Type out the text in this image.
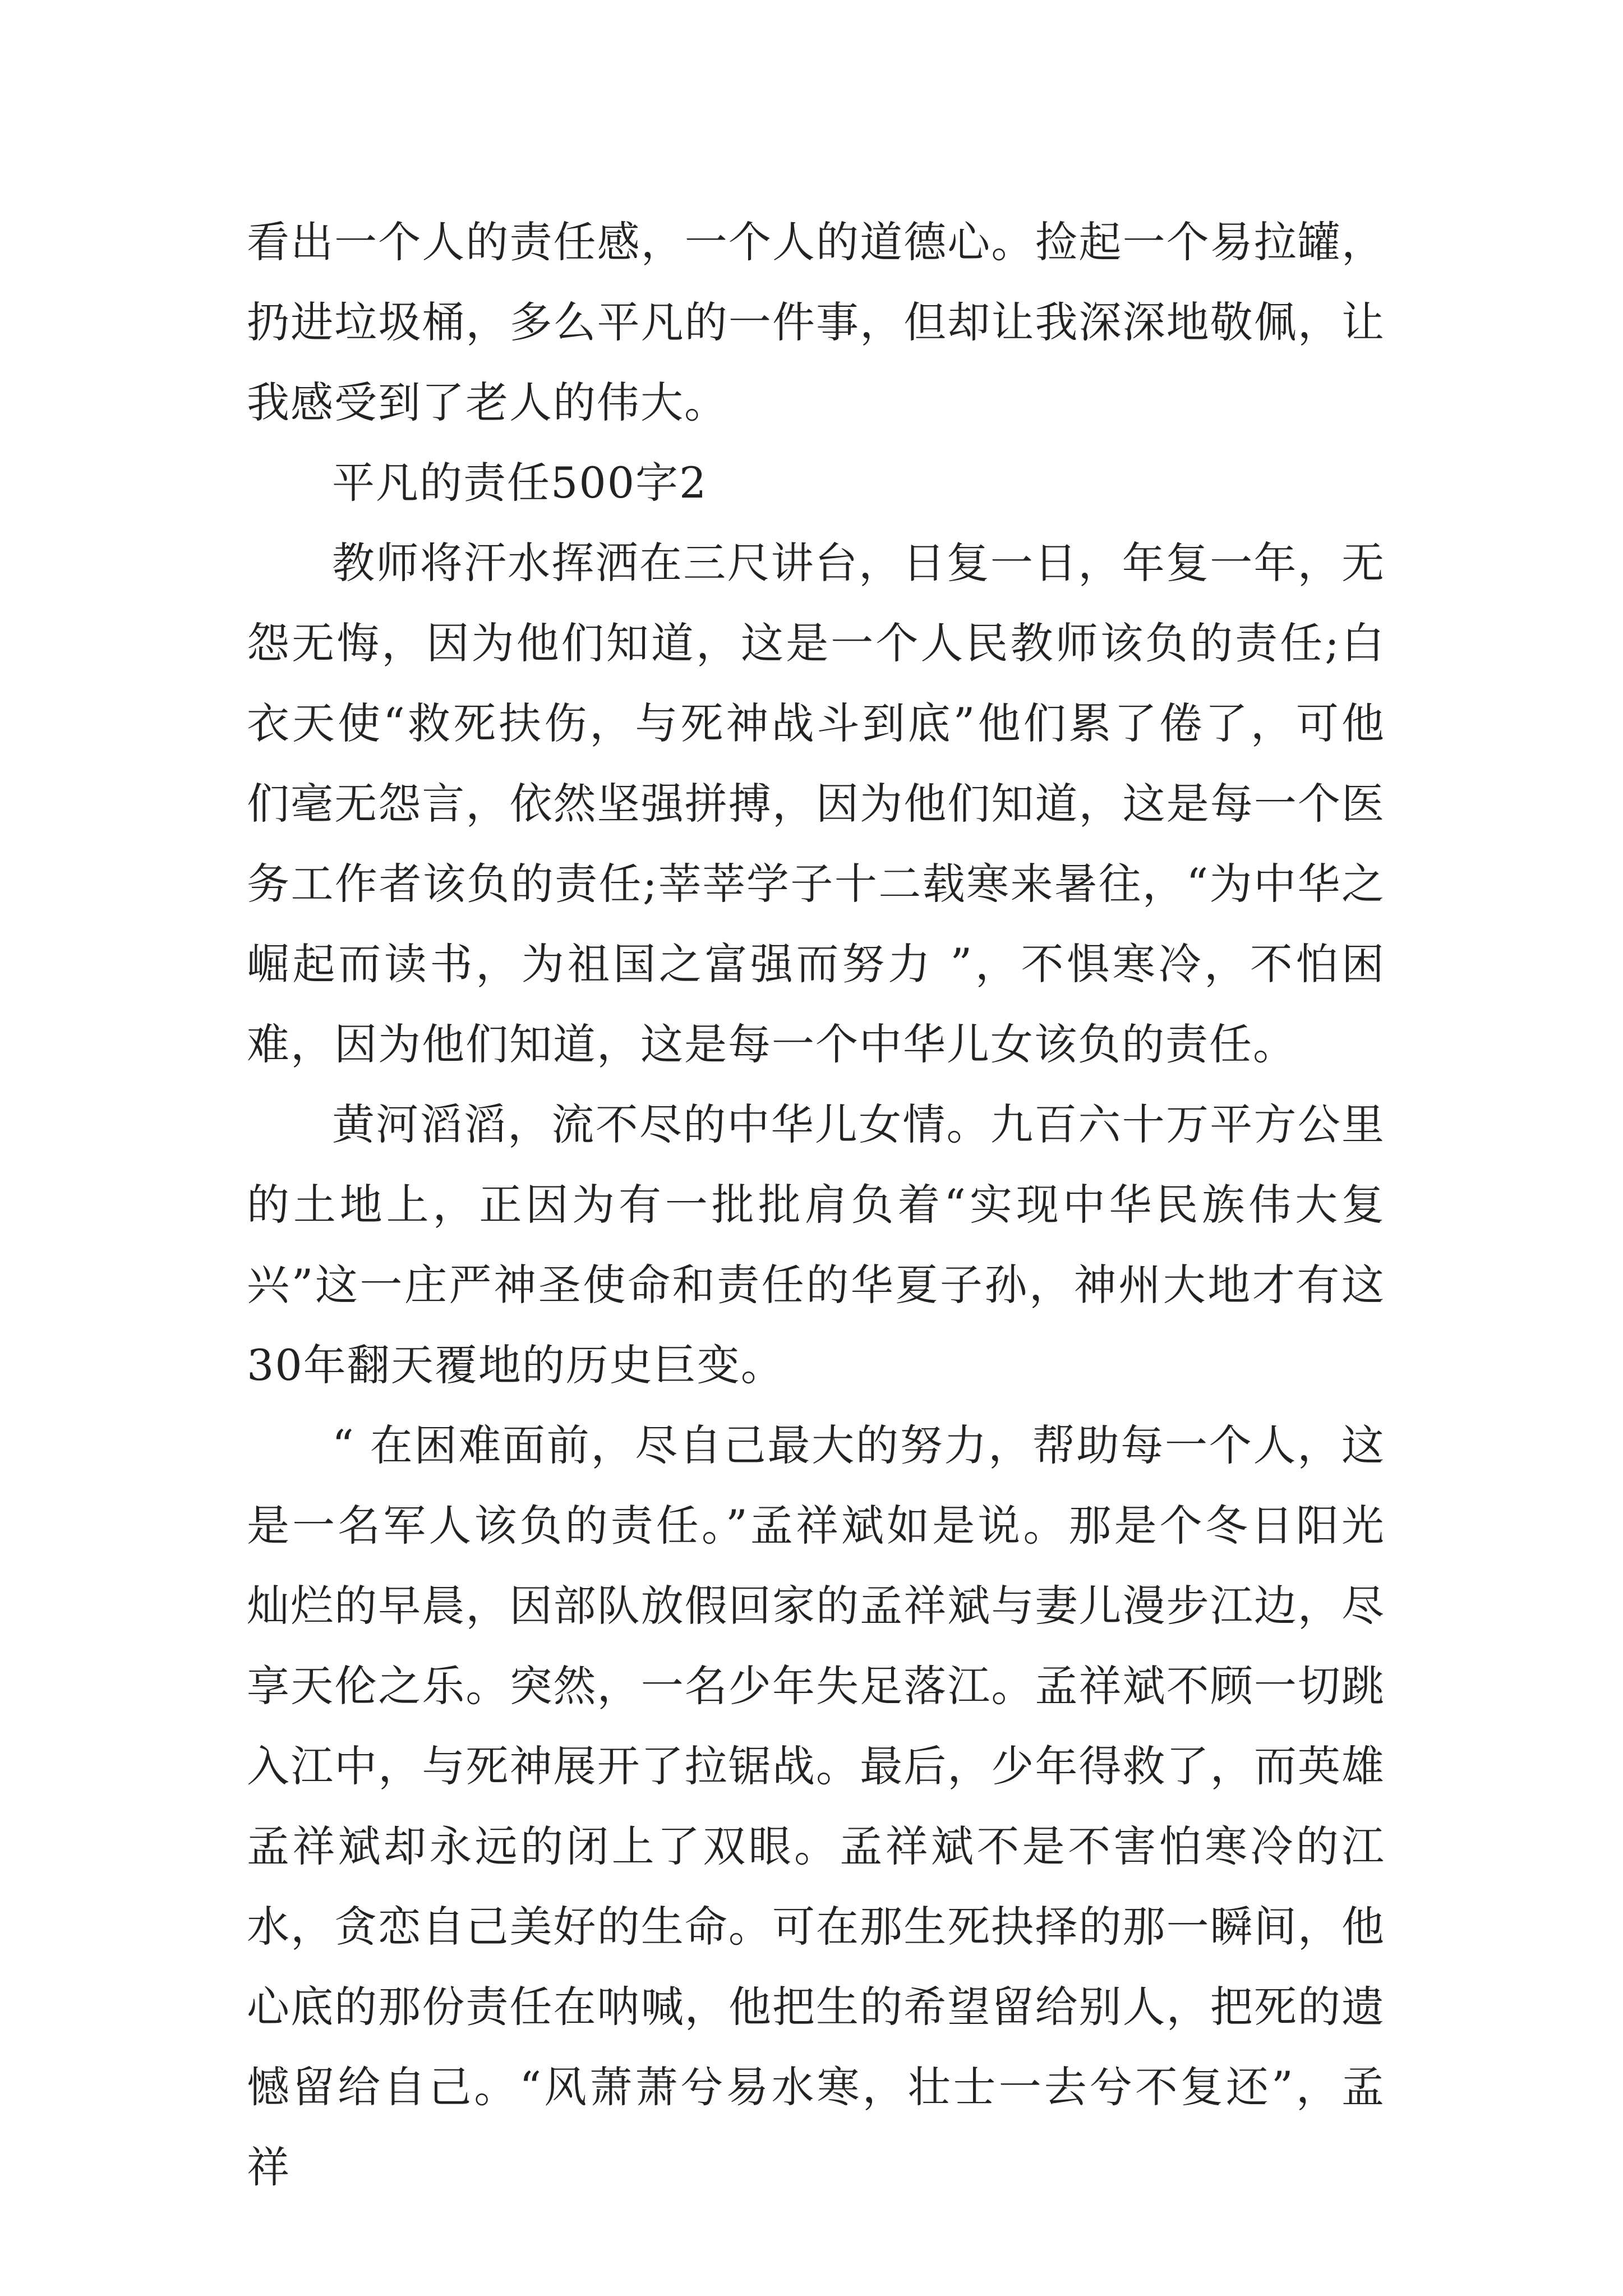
看出一个人的责任感，一个人的道德心。捡起一个易拉罐，扔进垃圾桶，多么平凡的一件事，但却让我深深地敬佩，让我感受到了老人的伟大。

平凡的责任500字2

教师将汗水挥洒在三尺讲台，日复一日，年复一年，无怨无悔，因为他们知道，这是一个人民教师该负的责任;白衣天使“救死扶伤，与死神战斗到底”他们累了倦了，可他们毫无怨言，依然坚强拼搏，因为他们知道，这是每一个医务工作者该负的责任;莘莘学子十二载寒来暑往，“为中华之崛起而读书，为祖国之富强而努力 ”，不惧寒冷，不怕困难，因为他们知道，这是每一个中华儿女该负的责任。

黄河滔滔，流不尽的中华儿女情。九百六十万平方公里的土地上，正因为有一批批肩负着“实现中华民族伟大复兴”这一庄严神圣使命和责任的华夏子孙，神州大地才有这30年翻天覆地的历史巨变。

“ 在困难面前，尽自己最大的努力，帮助每一个人，这是一名军人该负的责任。”孟祥斌如是说。那是个冬日阳光灿烂的早晨，因部队放假回家的孟祥斌与妻儿漫步江边，尽享天伦之乐。突然，一名少年失足落江。孟祥斌不顾一切跳入江中，与死神展开了拉锯战。最后，少年得救了，而英雄孟祥斌却永远的闭上了双眼。孟祥斌不是不害怕寒冷的江水，贪恋自己美好的生命。可在那生死抉择的那一瞬间，他心底的那份责任在呐喊，他把生的希望留给别人，把死的遗憾留给自己。“风萧萧兮易水寒，壮士一去兮不复还”，孟祥
